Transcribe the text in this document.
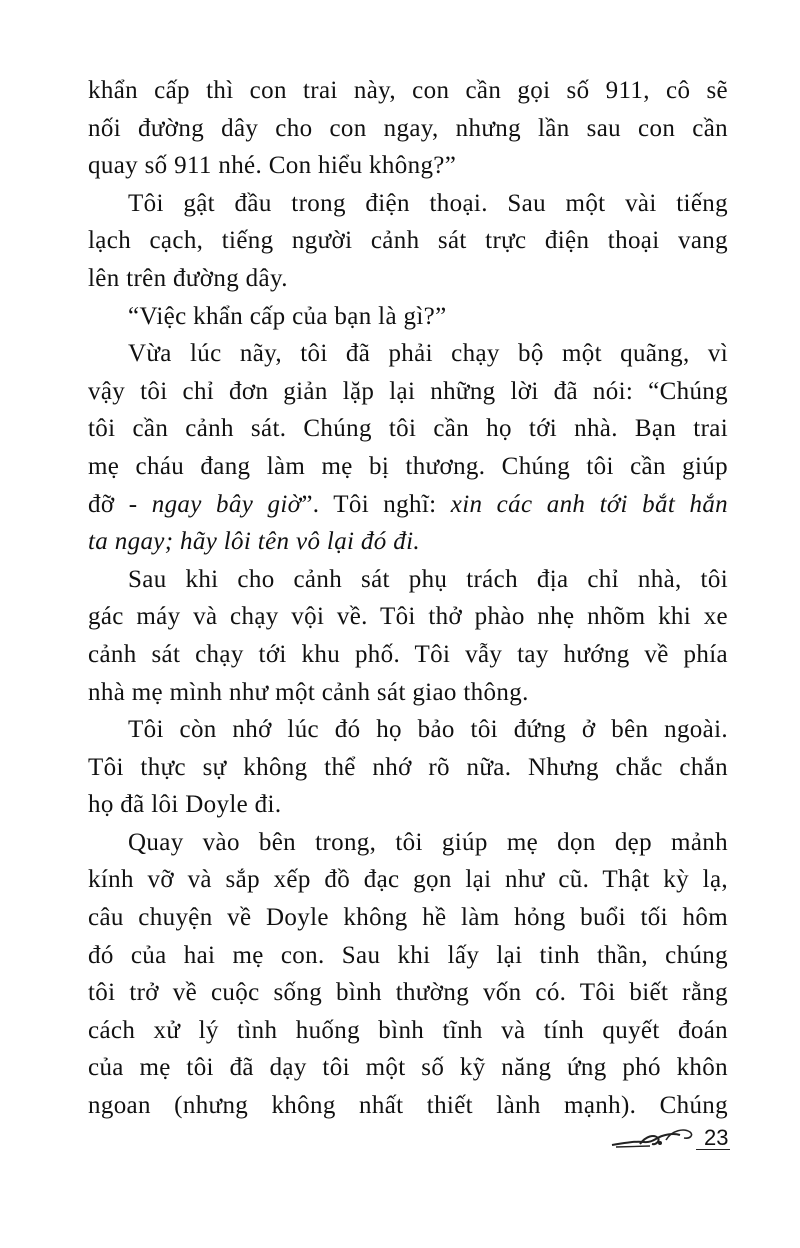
khẩn cấp thì con trai này, con cần gọi số 911, cô sẽ
nối đường dây cho con ngay, nhưng lần sau con cần
quay số 911 nhé. Con hiểu không?”
Tôi gật đầu trong điện thoại. Sau một vài tiếng
lạch cạch, tiếng người cảnh sát trực điện thoại vang
lên trên đường dây.
“Việc khẩn cấp của bạn là gì?”
Vừa lúc nãy, tôi đã phải chạy bộ một quãng, vì
vậy tôi chỉ đơn giản lặp lại những lời đã nói: “Chúng
tôi cần cảnh sát. Chúng tôi cần họ tới nhà. Bạn trai
mẹ cháu đang làm mẹ bị thương. Chúng tôi cần giúp
đỡ - ngay bây giờ”. Tôi nghĩ: xin các anh tới bắt hắn
ta ngay; hãy lôi tên vô lại đó đi.
Sau khi cho cảnh sát phụ trách địa chỉ nhà, tôi
gác máy và chạy vội về. Tôi thở phào nhẹ nhõm khi xe
cảnh sát chạy tới khu phố. Tôi vẫy tay hướng về phía
nhà mẹ mình như một cảnh sát giao thông.
Tôi còn nhớ lúc đó họ bảo tôi đứng ở bên ngoài.
Tôi thực sự không thể nhớ rõ nữa. Nhưng chắc chắn
họ đã lôi Doyle đi.
Quay vào bên trong, tôi giúp mẹ dọn dẹp mảnh
kính vỡ và sắp xếp đồ đạc gọn lại như cũ. Thật kỳ lạ,
câu chuyện về Doyle không hề làm hỏng buổi tối hôm
đó của hai mẹ con. Sau khi lấy lại tinh thần, chúng
tôi trở về cuộc sống bình thường vốn có. Tôi biết rằng
cách xử lý tình huống bình tĩnh và tính quyết đoán
của mẹ tôi đã dạy tôi một số kỹ năng ứng phó khôn
ngoan (nhưng không nhất thiết lành mạnh). Chúng
23
